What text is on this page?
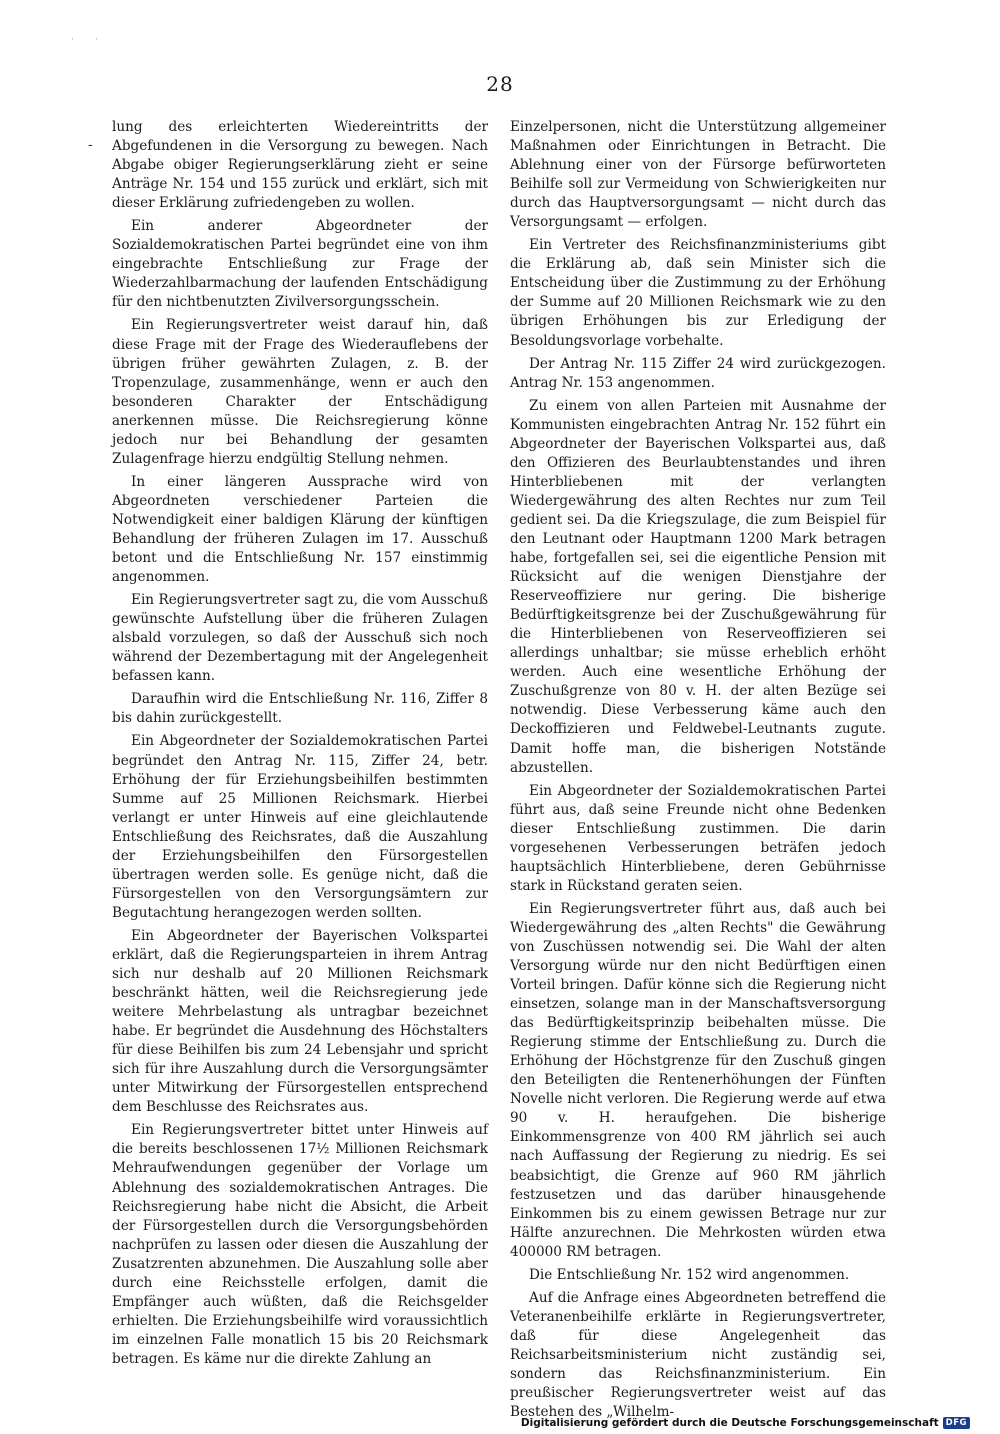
˙      ˙
-
28

lung des erleichterten Wiedereintritts der Abgefundenen in die Versorgung zu bewegen. Nach Abgabe obiger Regierungserklärung zieht er seine Anträge Nr. 154 und 155 zurück und erklärt, sich mit dieser Erklärung zufriedengeben zu wollen.

Ein anderer Abgeordneter der Sozialdemokratischen Partei begründet eine von ihm eingebrachte Entschließung zur Frage der Wiederzahlbarmachung der laufenden Entschädigung für den nichtbenutzten Zivilversorgungsschein.

Ein Regierungsvertreter weist darauf hin, daß diese Frage mit der Frage des Wiederauflebens der übrigen früher gewährten Zulagen, z. B. der Tropenzulage, zusammenhänge, wenn er auch den besonderen Charakter der Entschädigung anerkennen müsse. Die Reichsregierung könne jedoch nur bei Behandlung der gesamten Zulagenfrage hierzu endgültig Stellung nehmen.

In einer längeren Aussprache wird von Abgeordneten verschiedener Parteien die Notwendigkeit einer baldigen Klärung der künftigen Behandlung der früheren Zulagen im 17. Ausschuß betont und die Entschließung Nr. 157 einstimmig angenommen.

Ein Regierungsvertreter sagt zu, die vom Ausschuß gewünschte Aufstellung über die früheren Zulagen alsbald vorzulegen, so daß der Ausschuß sich noch während der Dezembertagung mit der Angelegenheit befassen kann.

Daraufhin wird die Entschließung Nr. 116, Ziffer 8 bis dahin zurückgestellt.

Ein Abgeordneter der Sozialdemokratischen Partei begründet den Antrag Nr. 115, Ziffer 24, betr. Erhöhung der für Erziehungsbeihilfen bestimmten Summe auf 25 Millionen Reichsmark. Hierbei verlangt er unter Hinweis auf eine gleichlautende Entschließung des Reichsrates, daß die Auszahlung der Erziehungsbeihilfen den Fürsorgestellen übertragen werden solle. Es genüge nicht, daß die Fürsorgestellen von den Versorgungsämtern zur Begutachtung herangezogen werden sollten.

Ein Abgeordneter der Bayerischen Volkspartei erklärt, daß die Regierungsparteien in ihrem Antrag sich nur deshalb auf 20 Millionen Reichsmark beschränkt hätten, weil die Reichsregierung jede weitere Mehrbelastung als untragbar bezeichnet habe. Er begründet die Ausdehnung des Höchstalters für diese Beihilfen bis zum 24 Lebensjahr und spricht sich für ihre Auszahlung durch die Versorgungsämter unter Mitwirkung der Fürsorgestellen entsprechend dem Beschlusse des Reichsrates aus.

Ein Regierungsvertreter bittet unter Hinweis auf die bereits beschlossenen 17½ Millionen Reichsmark Mehraufwendungen gegenüber der Vorlage um Ablehnung des sozialdemokratischen Antrages. Die Reichsregierung habe nicht die Absicht, die Arbeit der Fürsorgestellen durch die Versorgungsbehörden nachprüfen zu lassen oder diesen die Auszahlung der Zusatzrenten abzunehmen. Die Auszahlung solle aber durch eine Reichsstelle erfolgen, damit die Empfänger auch wüßten, daß die Reichsgelder erhielten. Die Erziehungsbeihilfe wird voraussichtlich im einzelnen Falle monatlich 15 bis 20 Reichsmark betragen. Es käme nur die direkte Zahlung an

Einzelpersonen, nicht die Unterstützung allgemeiner Maßnahmen oder Einrichtungen in Betracht. Die Ablehnung einer von der Fürsorge befürworteten Beihilfe soll zur Vermeidung von Schwierigkeiten nur durch das Hauptversorgungsamt — nicht durch das Versorgungsamt — erfolgen.

Ein Vertreter des Reichsfinanzministeriums gibt die Erklärung ab, daß sein Minister sich die Entscheidung über die Zustimmung zu der Erhöhung der Summe auf 20 Millionen Reichsmark wie zu den übrigen Erhöhungen bis zur Erledigung der Besoldungsvorlage vorbehalte.

Der Antrag Nr. 115 Ziffer 24 wird zurückgezogen. Antrag Nr. 153 angenommen.

Zu einem von allen Parteien mit Ausnahme der Kommunisten eingebrachten Antrag Nr. 152 führt ein Abgeordneter der Bayerischen Volkspartei aus, daß den Offizieren des Beurlaubtenstandes und ihren Hinterbliebenen mit der verlangten Wiedergewährung des alten Rechtes nur zum Teil gedient sei. Da die Kriegszulage, die zum Beispiel für den Leutnant oder Hauptmann 1200 Mark betragen habe, fortgefallen sei, sei die eigentliche Pension mit Rücksicht auf die wenigen Dienstjahre der Reserveoffiziere nur gering. Die bisherige Bedürftigkeitsgrenze bei der Zuschußgewährung für die Hinterbliebenen von Reserveoffizieren sei allerdings unhaltbar; sie müsse erheblich erhöht werden. Auch eine wesentliche Erhöhung der Zuschußgrenze von 80 v. H. der alten Bezüge sei notwendig. Diese Verbesserung käme auch den Deckoffizieren und Feldwebel-Leutnants zugute. Damit hoffe man, die bisherigen Notstände abzustellen.

Ein Abgeordneter der Sozialdemokratischen Partei führt aus, daß seine Freunde nicht ohne Bedenken dieser Entschließung zustimmen. Die darin vorgesehenen Verbesserungen beträfen jedoch hauptsächlich Hinterbliebene, deren Gebührnisse stark in Rückstand geraten seien.

Ein Regierungsvertreter führt aus, daß auch bei Wiedergewährung des „alten Rechts" die Gewährung von Zuschüssen notwendig sei. Die Wahl der alten Versorgung würde nur den nicht Bedürftigen einen Vorteil bringen. Dafür könne sich die Regierung nicht einsetzen, solange man in der Manschaftsversorgung das Bedürftigkeitsprinzip beibehalten müsse. Die Regierung stimme der Entschließung zu. Durch die Erhöhung der Höchstgrenze für den Zuschuß gingen den Beteiligten die Rentenerhöhungen der Fünften Novelle nicht verloren. Die Regierung werde auf etwa 90 v. H. heraufgehen. Die bisherige Einkommensgrenze von 400 RM jährlich sei auch nach Auffassung der Regierung zu niedrig. Es sei beabsichtigt, die Grenze auf 960 RM jährlich festzusetzen und das darüber hinausgehende Einkommen bis zu einem gewissen Betrage nur zur Hälfte anzurechnen. Die Mehrkosten würden etwa 400000 RM betragen.

Die Entschließung Nr. 152 wird angenommen.

Auf die Anfrage eines Abgeordneten betreffend die Veteranenbeihilfe erklärte in Regierungsvertreter, daß für diese Angelegenheit das Reichsarbeitsministerium nicht zuständig sei, sondern das Reichsfinanzministerium. Ein preußischer Regierungsvertreter weist auf das Bestehen des „Wilhelm-

Digitalisierung gefördert durch die Deutsche Forschungsgemeinschaft DFG
